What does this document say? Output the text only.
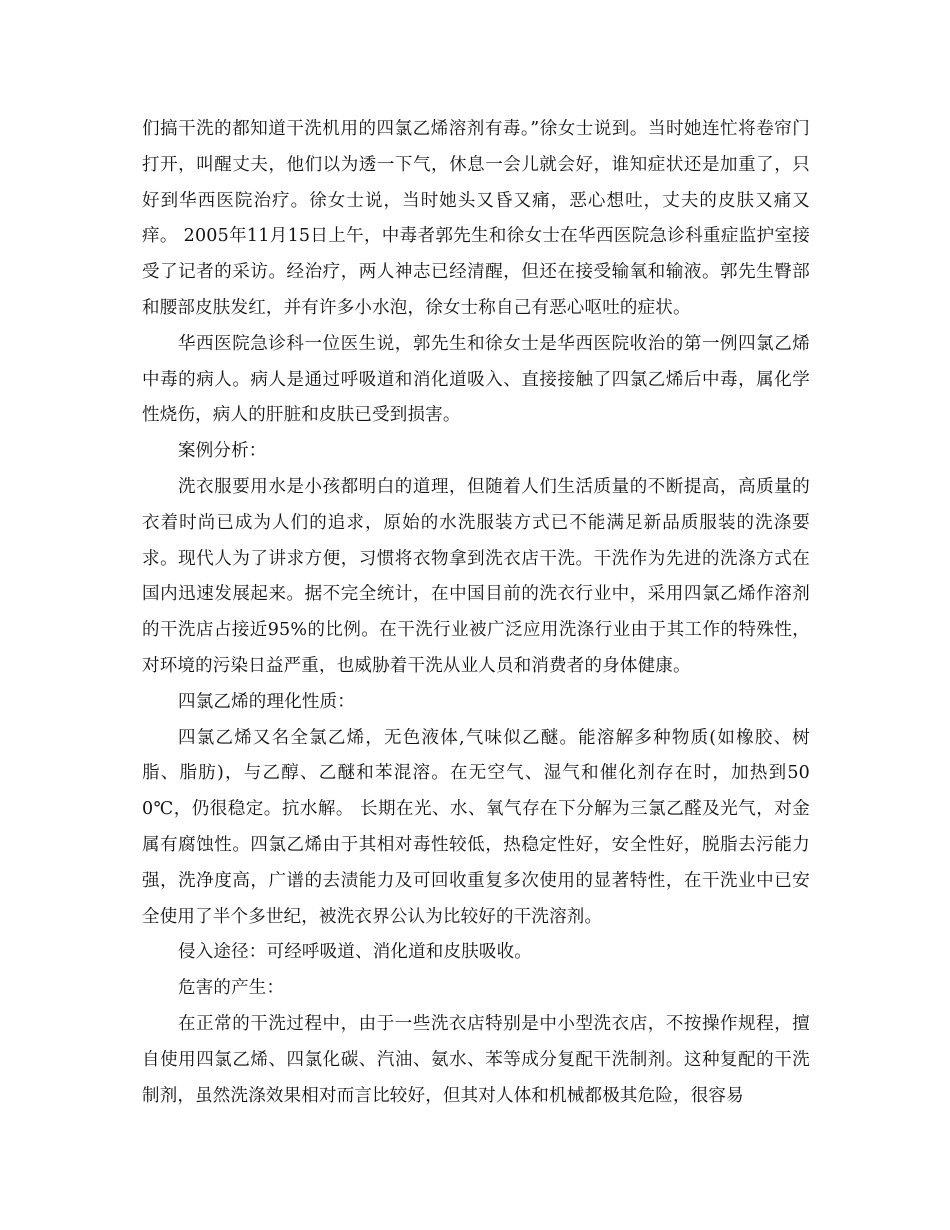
们搞干洗的都知道干洗机用的四氯乙烯溶剂有毒。”徐女士说到。当时她连忙将卷帘门打开，叫醒丈夫，他们以为透一下气，休息一会儿就会好，谁知症状还是加重了，只好到华西医院治疗。徐女士说，当时她头又昏又痛，恶心想吐，丈夫的皮肤又痛又痒。 2005年11月15日上午，中毒者郭先生和徐女士在华西医院急诊科重症监护室接受了记者的采访。经治疗，两人神志已经清醒，但还在接受输氧和输液。郭先生臀部和腰部皮肤发红，并有许多小水泡，徐女士称自己有恶心呕吐的症状。

华西医院急诊科一位医生说，郭先生和徐女士是华西医院收治的第一例四氯乙烯中毒的病人。病人是通过呼吸道和消化道吸入、直接接触了四氯乙烯后中毒，属化学性烧伤，病人的肝脏和皮肤已受到损害。

案例分析：

洗衣服要用水是小孩都明白的道理，但随着人们生活质量的不断提高，高质量的衣着时尚已成为人们的追求，原始的水洗服装方式已不能满足新品质服装的洗涤要求。现代人为了讲求方便，习惯将衣物拿到洗衣店干洗。干洗作为先进的洗涤方式在国内迅速发展起来。据不完全统计，在中国目前的洗衣行业中，采用四氯乙烯作溶剂的干洗店占接近95%的比例。在干洗行业被广泛应用洗涤行业由于其工作的特殊性，对环境的污染日益严重，也威胁着干洗从业人员和消费者的身体健康。

四氯乙烯的理化性质：

四氯乙烯又名全氯乙烯，无色液体,气味似乙醚。能溶解多种物质(如橡胶、树脂、脂肪)，与乙醇、乙醚和苯混溶。在无空气、湿气和催化剂存在时，加热到500℃，仍很稳定。抗水解。 长期在光、水、氧气存在下分解为三氯乙醛及光气，对金属有腐蚀性。四氯乙烯由于其相对毒性较低，热稳定性好，安全性好，脱脂去污能力强，洗净度高，广谱的去渍能力及可回收重复多次使用的显著特性，在干洗业中已安全使用了半个多世纪，被洗衣界公认为比较好的干洗溶剂。

侵入途径：可经呼吸道、消化道和皮肤吸收。

危害的产生：

在正常的干洗过程中，由于一些洗衣店特别是中小型洗衣店，不按操作规程，擅自使用四氯乙烯、四氯化碳、汽油、氨水、苯等成分复配干洗制剂。这种复配的干洗制剂，虽然洗涤效果相对而言比较好，但其对人体和机械都极其危险，很容易
